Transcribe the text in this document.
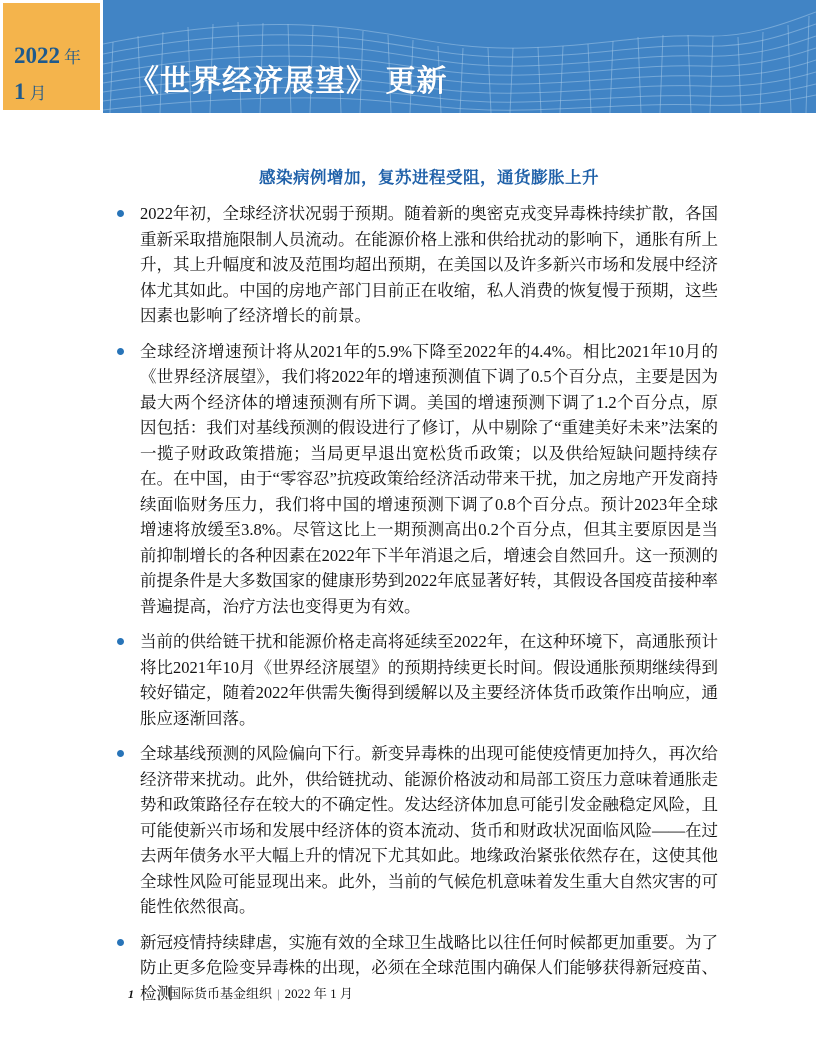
《世界经济展望》 更新
2022 年
1 月
感染病例增加，复苏进程受阻，通货膨胀上升
2022年初，全球经济状况弱于预期。随着新的奥密克戎变异毒株持续扩散，各国重新采取措施限制人员流动。在能源价格上涨和供给扰动的影响下，通胀有所上升，其上升幅度和波及范围均超出预期，在美国以及许多新兴市场和发展中经济体尤其如此。中国的房地产部门目前正在收缩，私人消费的恢复慢于预期，这些因素也影响了经济增长的前景。
全球经济增速预计将从2021年的5.9%下降至2022年的4.4%。相比2021年10月的《世界经济展望》，我们将2022年的增速预测值下调了0.5个百分点，主要是因为最大两个经济体的增速预测有所下调。美国的增速预测下调了1.2个百分点，原因包括：我们对基线预测的假设进行了修订，从中剔除了“重建美好未来”法案的一揽子财政政策措施；当局更早退出宽松货币政策；以及供给短缺问题持续存在。在中国，由于“零容忍”抗疫政策给经济活动带来干扰，加之房地产开发商持续面临财务压力，我们将中国的增速预测下调了0.8个百分点。预计2023年全球增速将放缓至3.8%。尽管这比上一期预测高出0.2个百分点，但其主要原因是当前抑制增长的各种因素在2022年下半年消退之后，增速会自然回升。这一预测的前提条件是大多数国家的健康形势到2022年底显著好转，其假设各国疫苗接种率普遍提高，治疗方法也变得更为有效。
当前的供给链干扰和能源价格走高将延续至2022年，在这种环境下，高通胀预计将比2021年10月《世界经济展望》的预期持续更长时间。假设通胀预期继续得到较好锚定，随着2022年供需失衡得到缓解以及主要经济体货币政策作出响应，通胀应逐渐回落。
全球基线预测的风险偏向下行。新变异毒株的出现可能使疫情更加持久，再次给经济带来扰动。此外，供给链扰动、能源价格波动和局部工资压力意味着通胀走势和政策路径存在较大的不确定性。发达经济体加息可能引发金融稳定风险，且可能使新兴市场和发展中经济体的资本流动、货币和财政状况面临风险——在过去两年债务水平大幅上升的情况下尤其如此。地缘政治紧张依然存在，这使其他全球性风险可能显现出来。此外，当前的气候危机意味着发生重大自然灾害的可能性依然很高。
新冠疫情持续肆虐，实施有效的全球卫生战略比以往任何时候都更加重要。为了防止更多危险变异毒株的出现，必须在全球范围内确保人们能够获得新冠疫苗、检测
1	国际货币基金组织 | 2022 年 1 月
